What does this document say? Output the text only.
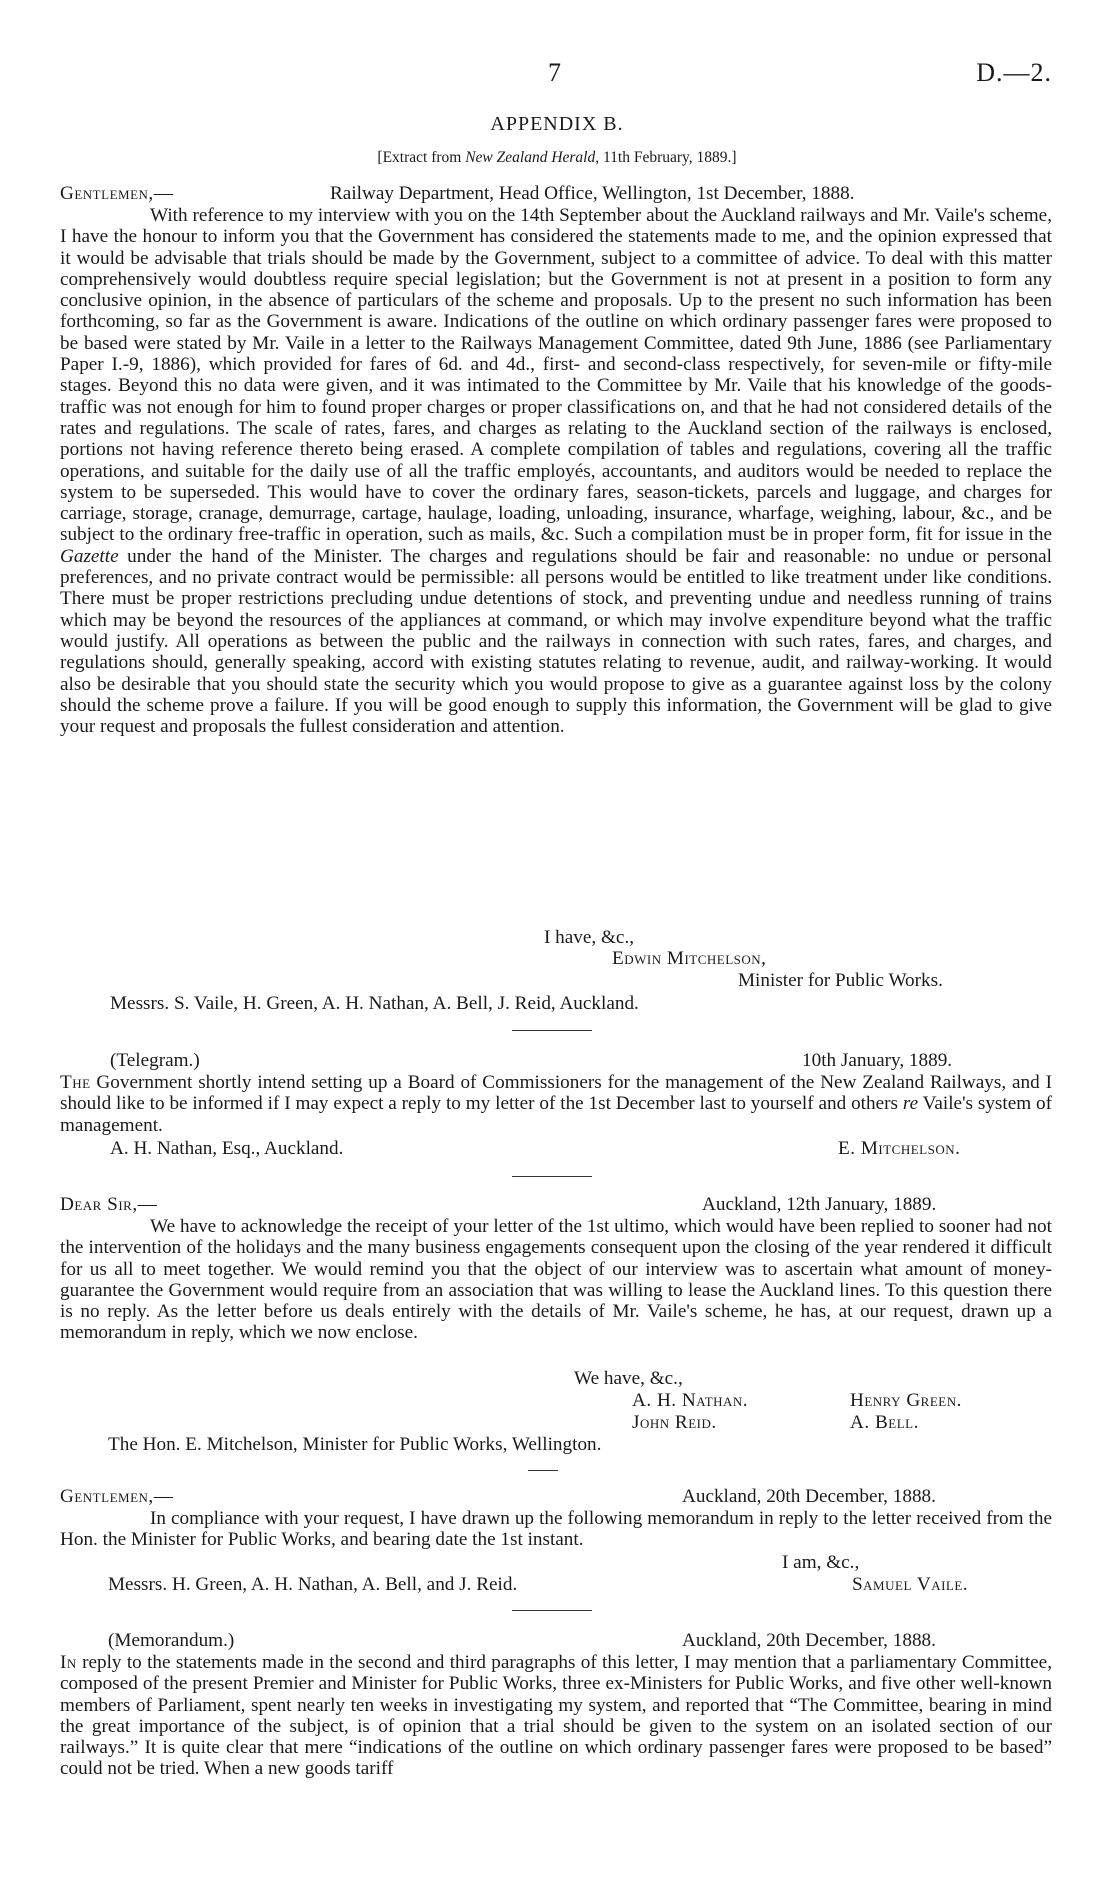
7	D.—2.
APPENDIX B.
[Extract from New Zealand Herald, 11th February, 1889.]
Gentlemen,—	Railway Department, Head Office, Wellington, 1st December, 1888.

With reference to my interview with you on the 14th September about the Auckland railways and Mr. Vaile's scheme, I have the honour to inform you that the Government has considered the statements made to me, and the opinion expressed that it would be advisable that trials should be made by the Government, subject to a committee of advice. To deal with this matter comprehensively would doubtless require special legislation; but the Government is not at present in a position to form any conclusive opinion, in the absence of particulars of the scheme and proposals. Up to the present no such information has been forthcoming, so far as the Government is aware. Indications of the outline on which ordinary passenger fares were proposed to be based were stated by Mr. Vaile in a letter to the Railways Management Committee, dated 9th June, 1886 (see Parliamentary Paper I.-9, 1886), which provided for fares of 6d. and 4d., first- and second-class respectively, for seven-mile or fifty-mile stages. Beyond this no data were given, and it was intimated to the Committee by Mr. Vaile that his knowledge of the goods-traffic was not enough for him to found proper charges or proper classifications on, and that he had not considered details of the rates and regulations. The scale of rates, fares, and charges as relating to the Auckland section of the railways is enclosed, portions not having reference thereto being erased. A complete compilation of tables and regulations, covering all the traffic operations, and suitable for the daily use of all the traffic employés, accountants, and auditors would be needed to replace the system to be superseded. This would have to cover the ordinary fares, season-tickets, parcels and luggage, and charges for carriage, storage, cranage, demurrage, cartage, haulage, loading, unloading, insurance, wharfage, weighing, labour, &c., and be subject to the ordinary free-traffic in operation, such as mails, &c. Such a compilation must be in proper form, fit for issue in the Gazette under the hand of the Minister. The charges and regulations should be fair and reasonable: no undue or personal preferences, and no private contract would be permissible: all persons would be entitled to like treatment under like conditions. There must be proper restrictions precluding undue detentions of stock, and preventing undue and needless running of trains which may be beyond the resources of the appliances at command, or which may involve expenditure beyond what the traffic would justify. All operations as between the public and the railways in connection with such rates, fares, and charges, and regulations should, generally speaking, accord with existing statutes relating to revenue, audit, and railway-working. It would also be desirable that you should state the security which you would propose to give as a guarantee against loss by the colony should the scheme prove a failure. If you will be good enough to supply this information, the Government will be glad to give your request and proposals the fullest consideration and attention.

I have, &c.,
Edwin Mitchelson,
Minister for Public Works.
Messrs. S. Vaile, H. Green, A. H. Nathan, A. Bell, J. Reid, Auckland.
(Telegram.)	10th January, 1889.

The Government shortly intend setting up a Board of Commissioners for the management of the New Zealand Railways, and I should like to be informed if I may expect a reply to my letter of the 1st December last to yourself and others re Vaile's system of management.

A. H. Nathan, Esq., Auckland.	E. Mitchelson.
Dear Sir,—	Auckland, 12th January, 1889.

We have to acknowledge the receipt of your letter of the 1st ultimo, which would have been replied to sooner had not the intervention of the holidays and the many business engagements consequent upon the closing of the year rendered it difficult for us all to meet together. We would remind you that the object of our interview was to ascertain what amount of money-guarantee the Government would require from an association that was willing to lease the Auckland lines. To this question there is no reply. As the letter before us deals entirely with the details of Mr. Vaile's scheme, he has, at our request, drawn up a memorandum in reply, which we now enclose.

We have, &c.,
A. H. Nathan.	Henry Green.
John Reid.	A. Bell.
The Hon. E. Mitchelson, Minister for Public Works, Wellington.
Gentlemen,—	Auckland, 20th December, 1888.

In compliance with your request, I have drawn up the following memorandum in reply to the letter received from the Hon. the Minister for Public Works, and bearing date the 1st instant.

I am, &c.,
Messrs. H. Green, A. H. Nathan, A. Bell, and J. Reid.	Samuel Vaile.
(Memorandum.)	Auckland, 20th December, 1888.

In reply to the statements made in the second and third paragraphs of this letter, I may mention that a parliamentary Committee, composed of the present Premier and Minister for Public Works, three ex-Ministers for Public Works, and five other well-known members of Parliament, spent nearly ten weeks in investigating my system, and reported that “The Committee, bearing in mind the great importance of the subject, is of opinion that a trial should be given to the system on an isolated section of our railways.” It is quite clear that mere “indications of the outline on which ordinary passenger fares were proposed to be based” could not be tried. When a new goods tariff
